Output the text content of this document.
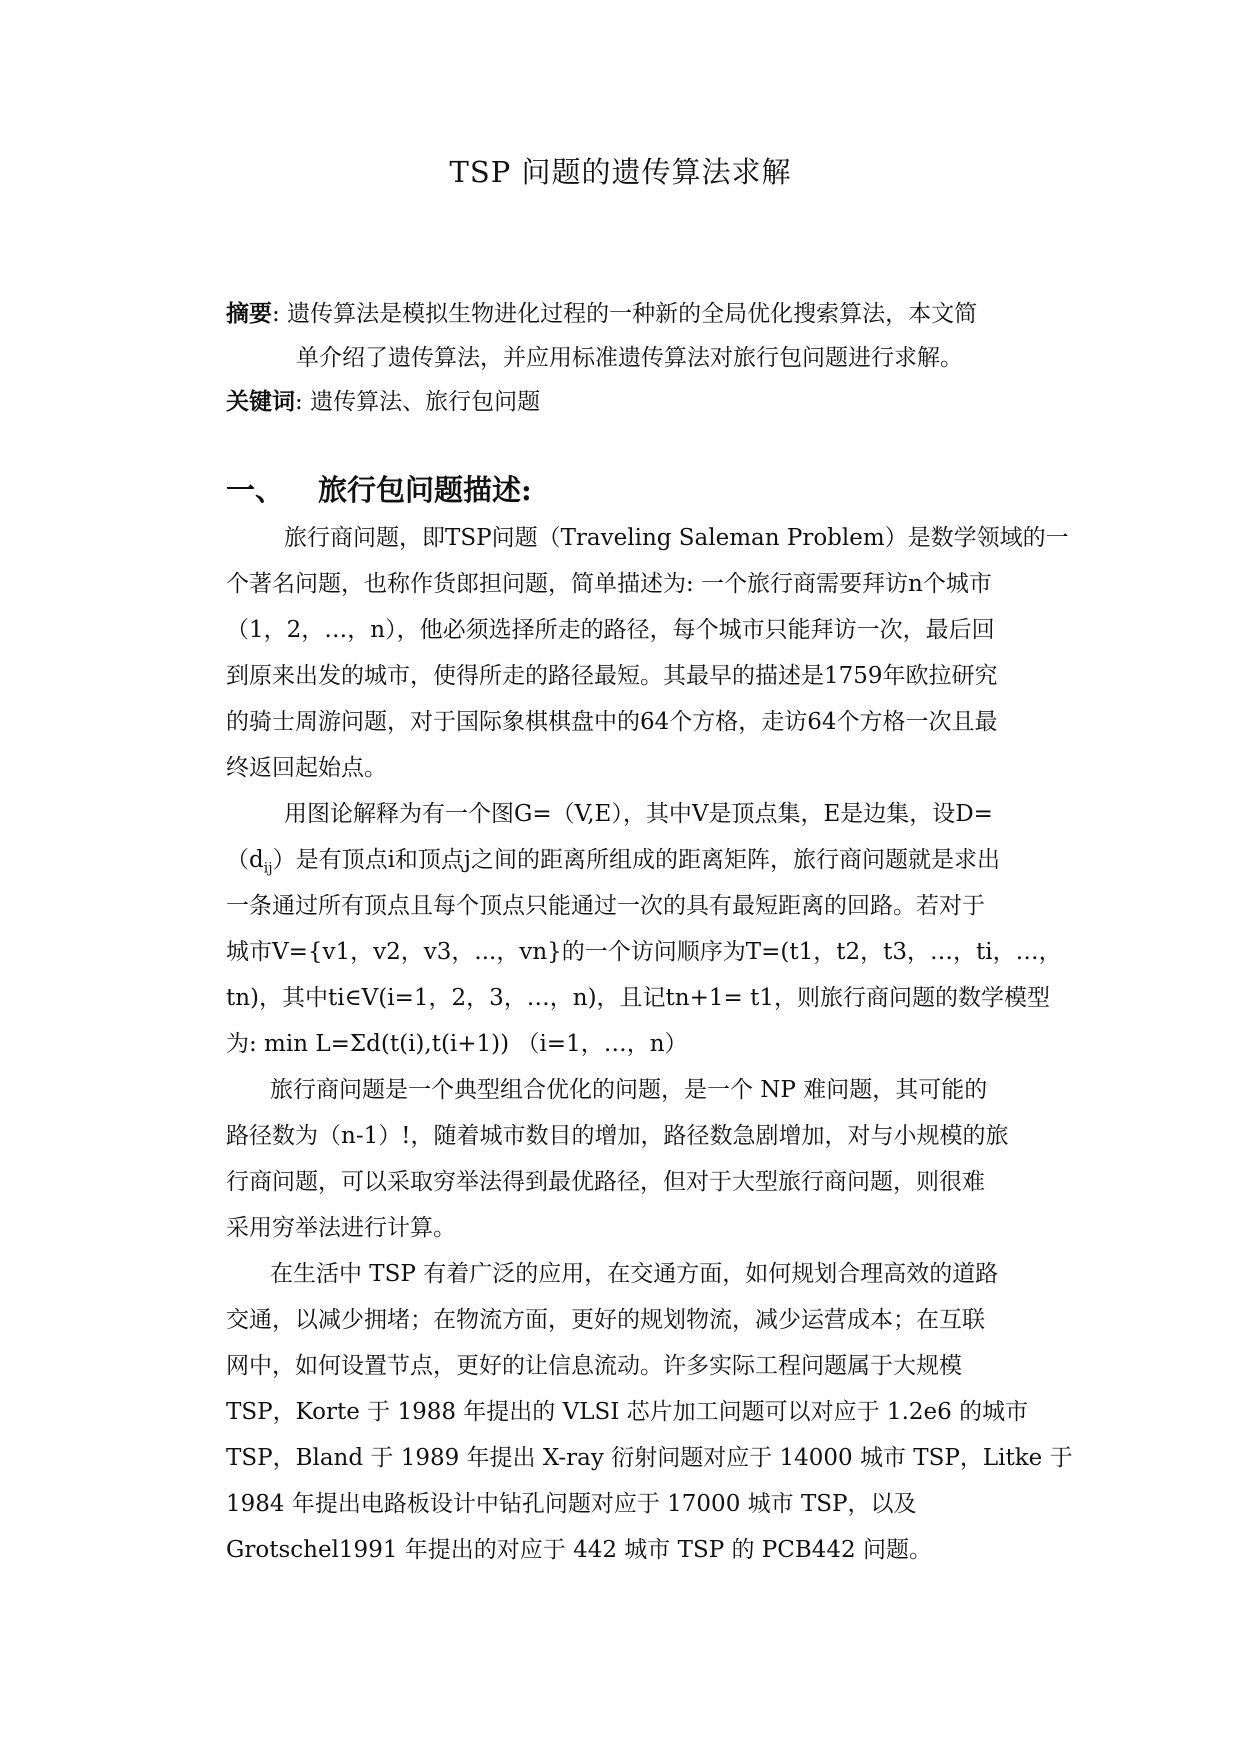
TSP 问题的遗传算法求解
摘要: 遗传算法是模拟生物进化过程的一种新的全局优化搜索算法，本文简
单介绍了遗传算法，并应用标准遗传算法对旅行包问题进行求解。
关键词: 遗传算法、旅行包问题
一、 旅行包问题描述:
旅行商问题，即TSP问题（Traveling Saleman Problem）是数学领域的一
个著名问题，也称作货郎担问题，简单描述为: 一个旅行商需要拜访n个城市
（1，2，…，n），他必须选择所走的路径，每个城市只能拜访一次，最后回
到原来出发的城市，使得所走的路径最短。其最早的描述是1759年欧拉研究
的骑士周游问题，对于国际象棋棋盘中的64个方格，走访64个方格一次且最
终返回起始点。
用图论解释为有一个图G=（V,E），其中V是顶点集，E是边集，设D=
$(d_{ij})$是有顶点i和顶点j之间的距离所组成的距离矩阵，旅行商问题就是求出
一条通过所有顶点且每个顶点只能通过一次的具有最短距离的回路。若对于
城市V={v1，v2，v3，...，vn}的一个访问顺序为T=(t1，t2，t3，…，ti，…，
tn)，其中ti∈V(i=1，2，3，…，n)，且记tn+1= t1，则旅行商问题的数学模型
为: min L=Σd(t(i),t(i+1)) （i=1，…，n）
旅行商问题是一个典型组合优化的问题，是一个 NP 难问题，其可能的
路径数为（n-1）!，随着城市数目的增加，路径数急剧增加，对与小规模的旅
行商问题，可以采取穷举法得到最优路径，但对于大型旅行商问题，则很难
采用穷举法进行计算。
在生活中 TSP 有着广泛的应用，在交通方面，如何规划合理高效的道路
交通，以减少拥堵；在物流方面，更好的规划物流，减少运营成本；在互联
网中，如何设置节点，更好的让信息流动。许多实际工程问题属于大规模
TSP，Korte 于 1988 年提出的 VLSI 芯片加工问题可以对应于 1.2e6 的城市
TSP，Bland 于 1989 年提出 X-ray 衍射问题对应于 14000 城市 TSP，Litke 于
1984 年提出电路板设计中钻孔问题对应于 17000 城市 TSP，以及
Grotschel1991 年提出的对应于 442 城市 TSP 的 PCB442 问题。
